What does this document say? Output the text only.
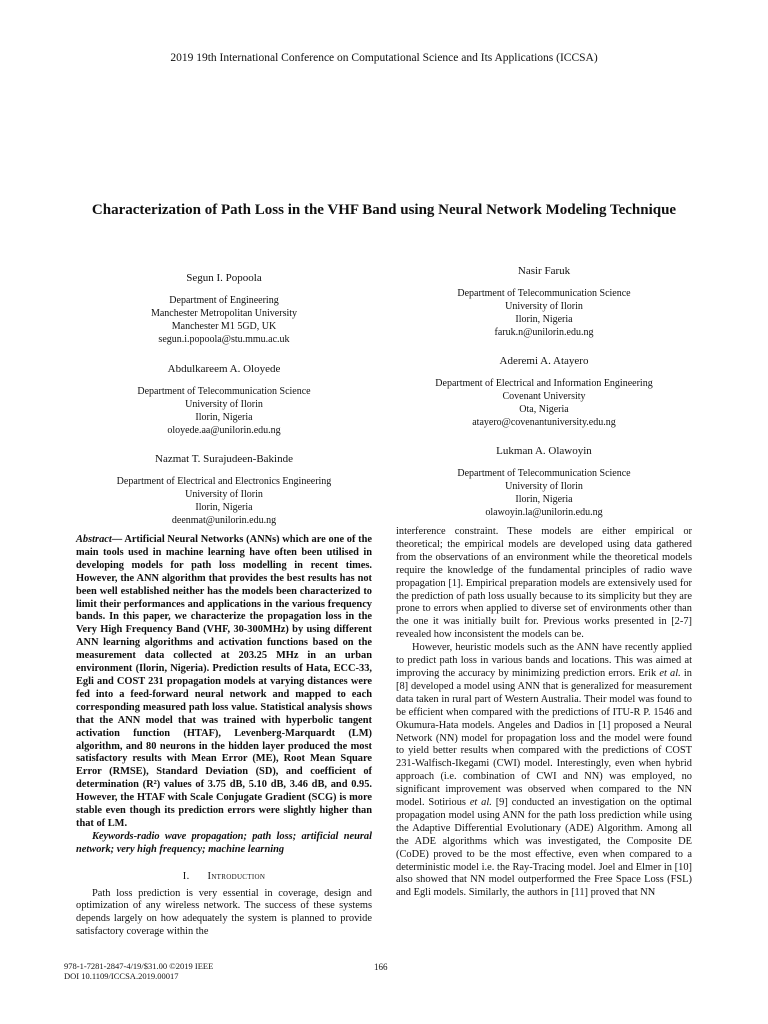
2019 19th International Conference on Computational Science and Its Applications (ICCSA)
Characterization of Path Loss in the VHF Band using Neural Network Modeling Technique
Segun I. Popoola
Department of Engineering
Manchester Metropolitan University
Manchester M1 5GD, UK
segun.i.popoola@stu.mmu.ac.uk
Nasir Faruk
Department of Telecommunication Science
University of Ilorin
Ilorin, Nigeria
faruk.n@unilorin.edu.ng
Abdulkareem A. Oloyede
Department of Telecommunication Science
University of Ilorin
Ilorin, Nigeria
oloyede.aa@unilorin.edu.ng
Aderemi A. Atayero
Department of Electrical and Information Engineering
Covenant University
Ota, Nigeria
atayero@covenantuniversity.edu.ng
Nazmat T. Surajudeen-Bakinde
Department of Electrical and Electronics Engineering
University of Ilorin
Ilorin, Nigeria
deenmat@unilorin.edu.ng
Lukman A. Olawoyin
Department of Telecommunication Science
University of Ilorin
Ilorin, Nigeria
olawoyin.la@unilorin.edu.ng

Abstract— Artificial Neural Networks (ANNs) which are one of the main tools used in machine learning have often been utilised in developing models for path loss modelling in recent times. However, the ANN algorithm that provides the best results has not been well established neither has the models been characterized to limit their performances and applications in the various frequency bands. In this paper, we characterize the propagation loss in the Very High Frequency Band (VHF, 30-300MHz) by using different ANN learning algorithms and activation functions based on the measurement data collected at 203.25 MHz in an urban environment (Ilorin, Nigeria). Prediction results of Hata, ECC-33, Egli and COST 231 propagation models at varying distances were fed into a feed-forward neural network and mapped to each corresponding measured path loss value. Statistical analysis shows that the ANN model that was trained with hyperbolic tangent activation function (HTAF), Levenberg-Marquardt (LM) algorithm, and 80 neurons in the hidden layer produced the most satisfactory results with Mean Error (ME), Root Mean Square Error (RMSE), Standard Deviation (SD), and coefficient of determination (R²) values of 3.75 dB, 5.10 dB, 3.46 dB, and 0.95. However, the HTAF with Scale Conjugate Gradient (SCG) is more stable even though its prediction errors were slightly higher than that of LM.

Keywords-radio wave propagation; path loss; artificial neural network; very high frequency; machine learning

I. Introduction

Path loss prediction is very essential in coverage, design and optimization of any wireless network. The success of these systems depends largely on how adequately the system is planned to provide satisfactory coverage within the

interference constraint. These models are either empirical or theoretical; the empirical models are developed using data gathered from the observations of an environment while the theoretical models require the knowledge of the fundamental principles of radio wave propagation [1]. Empirical preparation models are extensively used for the prediction of path loss usually because to its simplicity but they are prone to errors when applied to diverse set of environments other than the one it was initially built for. Previous works presented in [2-7] revealed how inconsistent the models can be.

However, heuristic models such as the ANN have recently applied to predict path loss in various bands and locations. This was aimed at improving the accuracy by minimizing prediction errors. Erik et al. in [8] developed a model using ANN that is generalized for measurement data taken in rural part of Western Australia. Their model was found to be efficient when compared with the predictions of ITU-R P. 1546 and Okumura-Hata models. Angeles and Dadios in [1] proposed a Neural Network (NN) model for propagation loss and the model were found to yield better results when compared with the predictions of COST 231-Walfisch-Ikegami (CWI) model. Interestingly, even when hybrid approach (i.e. combination of CWI and NN) was employed, no significant improvement was observed when compared to the NN model. Sotirious et al. [9] conducted an investigation on the optimal propagation model using ANN for the path loss prediction while using the Adaptive Differential Evolutionary (ADE) Algorithm. Among all the ADE algorithms which was investigated, the Composite DE (CoDE) proved to be the most effective, even when compared to a deterministic model i.e. the Ray-Tracing model. Joel and Elmer in [10] also showed that NN model outperformed the Free Space Loss (FSL) and Egli models. Similarly, the authors in [11] proved that NN

978-1-7281-2847-4/19/$31.00 ©2019 IEEE
DOI 10.1109/ICCSA.2019.00017
166
